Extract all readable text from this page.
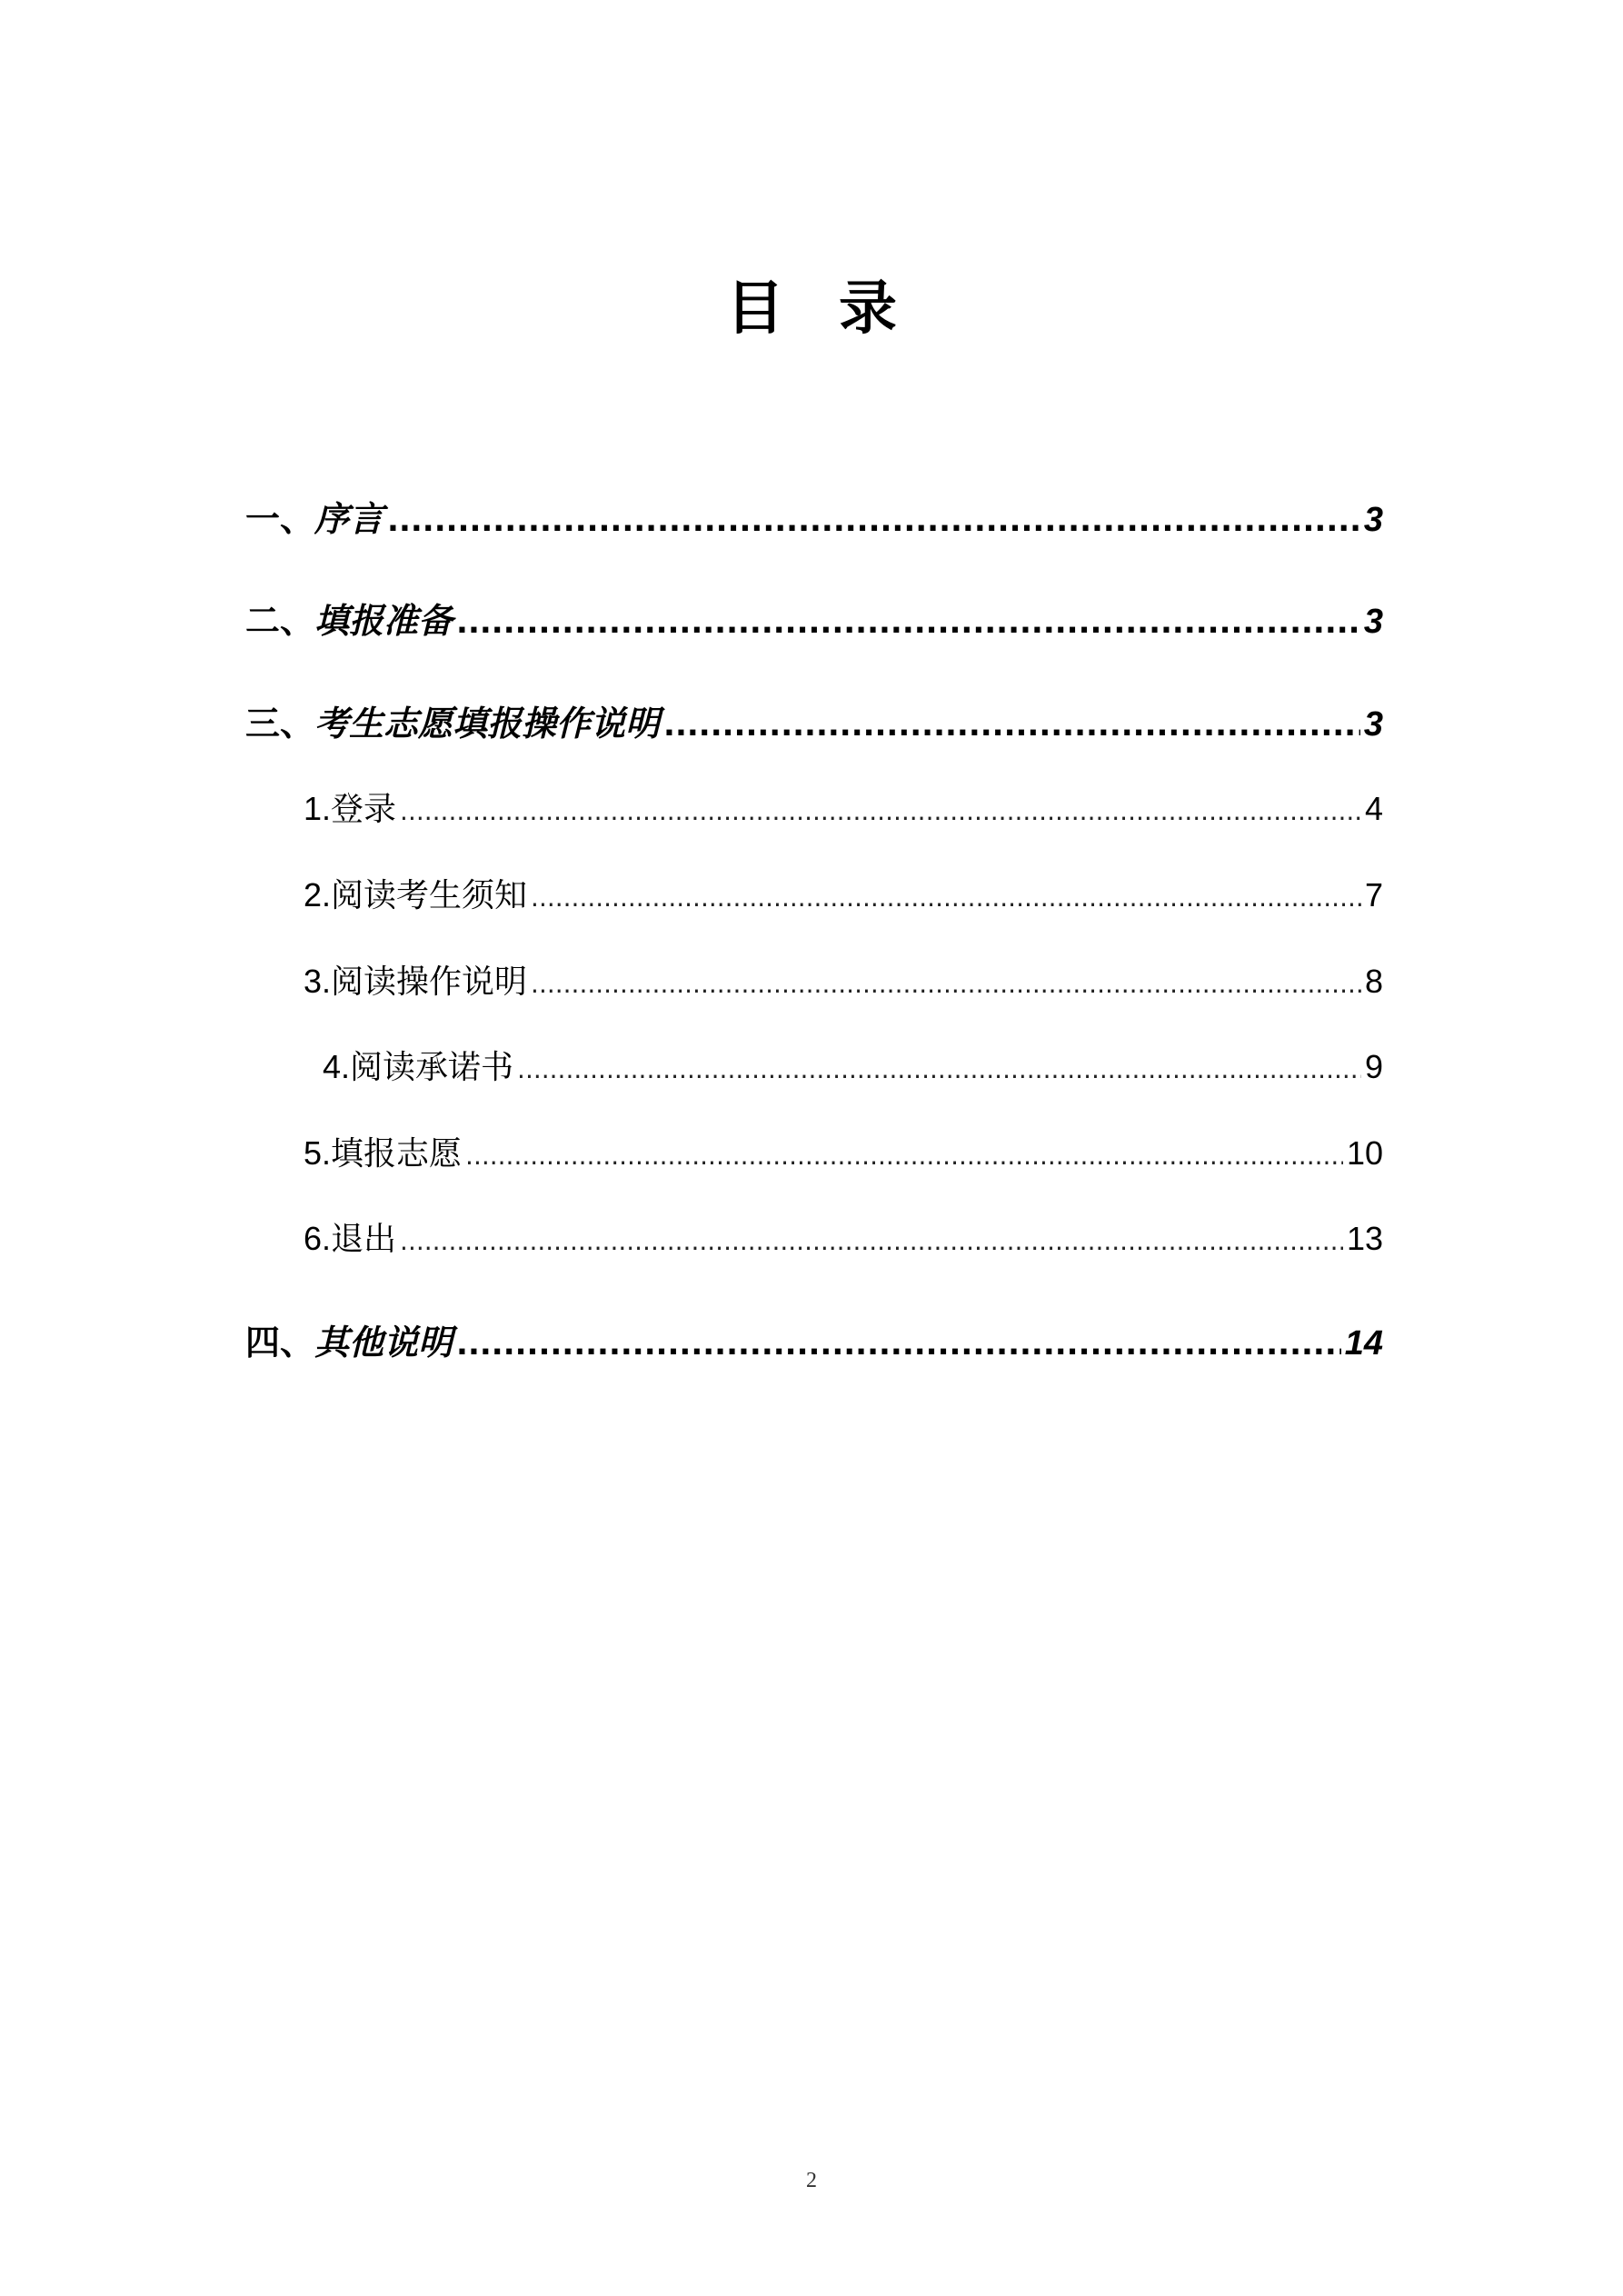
目录
一、 序言 .....	3
二、 填报准备 .....	3
三、 考生志愿填报操作说明 .....	3
1. 登录 .....	4
2. 阅读考生须知 .....	7
3. 阅读操作说明 .....	8
4. 阅读承诺书 .....	9
5. 填报志愿 .....	10
6. 退出 .....	13
四、 其他说明 .....	14
2
